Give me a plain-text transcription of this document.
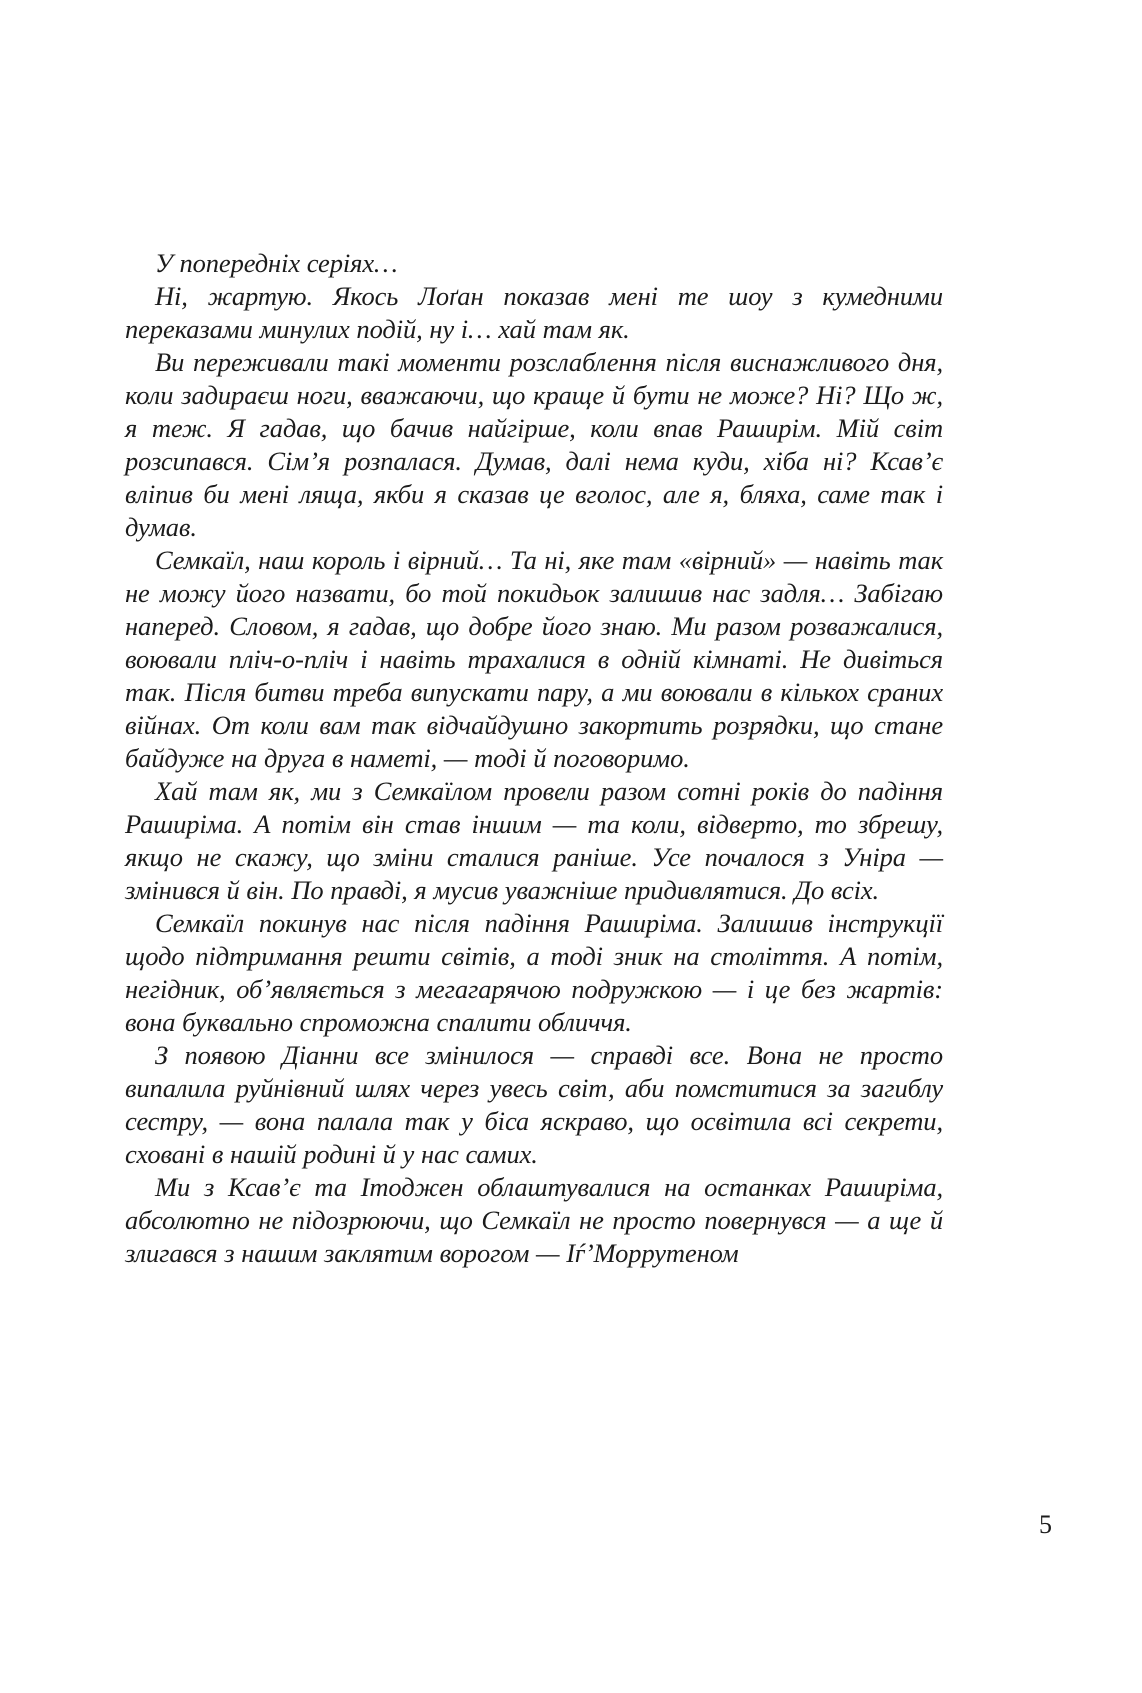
У попередніх серіях…

Ні, жартую. Якось Лоґан показав мені те шоу з кумедними переказами минулих подій, ну і… хай там як.

Ви переживали такі моменти розслаблення після виснажливого дня, коли задираєш ноги, вважаючи, що краще й бути не може? Ні? Що ж, я теж. Я гадав, що бачив найгірше, коли впав Раширім. Мій світ розсипався. Сім’я розпалася. Думав, далі нема куди, хіба ні? Ксав’є вліпив би мені ляща, якби я сказав це вголос, але я, бляха, саме так і думав.

Семкаїл, наш король і вірний… Та ні, яке там «вірний» — навіть так не можу його назвати, бо той покидьок залишив нас задля… Забігаю наперед. Словом, я гадав, що добре його знаю. Ми разом розважалися, воювали пліч-о-пліч і навіть трахалися в одній кімнаті. Не дивіться так. Після битви треба випускати пару, а ми воювали в кількох сраних війнах. От коли вам так відчайдушно закортить розрядки, що стане байдуже на друга в наметі, — тоді й поговоримо.

Хай там як, ми з Семкаїлом провели разом сотні років до падіння Раширіма. А потім він став іншим — та коли, відверто, то збрешу, якщо не скажу, що зміни сталися раніше. Усе почалося з Уніра — змінився й він. По правді, я мусив уважніше придивлятися. До всіх.

Семкаїл покинув нас після падіння Раширіма. Залишив інструкції щодо підтримання решти світів, а тоді зник на століття. А потім, негідник, об’являється з мегагарячою подружкою — і це без жартів: вона буквально спроможна спалити обличчя.

З появою Діанни все змінилося — справді все. Вона не просто випалила руйнівний шлях через увесь світ, аби помститися за загиблу сестру, — вона палала так у біса яскраво, що освітила всі секрети, сховані в нашій родині й у нас самих.

Ми з Ксав’є та Imоджен облаштувалися на останках Раширіма, абсолютно не підозрюючи, що Семкаїл не просто повернувся — а ще й злигався з нашим заклятим ворогом — Іѓ’Моррутеном

5
